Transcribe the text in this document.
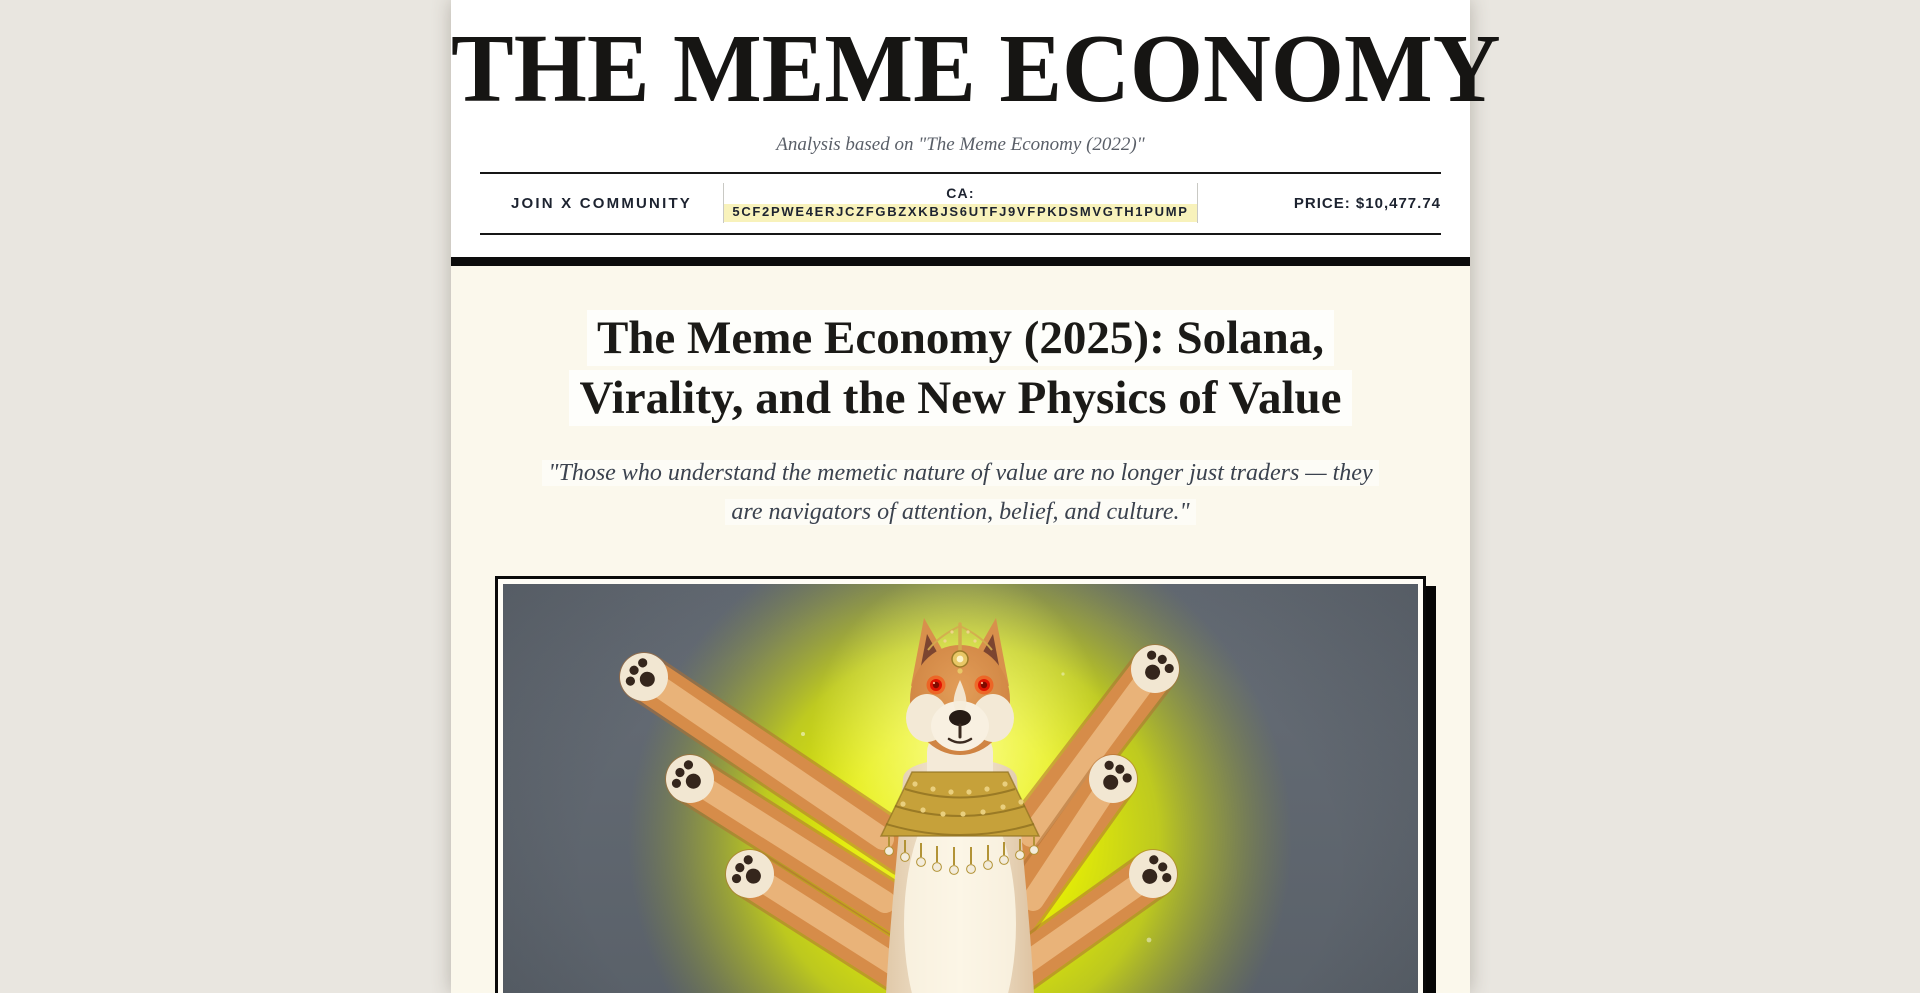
THE MEME ECONOMY
Analysis based on "The Meme Economy (2022)"
JOIN X COMMUNITY
CA:
5CF2PWE4ERJCZFGBZXKBJS6UTFJ9VFPKDSMVGTH1PUMP	PRICE: $10,477.74
The Meme Economy (2025): Solana, Virality, and the New Physics of Value

"Those who understand the memetic nature of value are no longer just traders — they are navigators of attention, belief, and culture."
